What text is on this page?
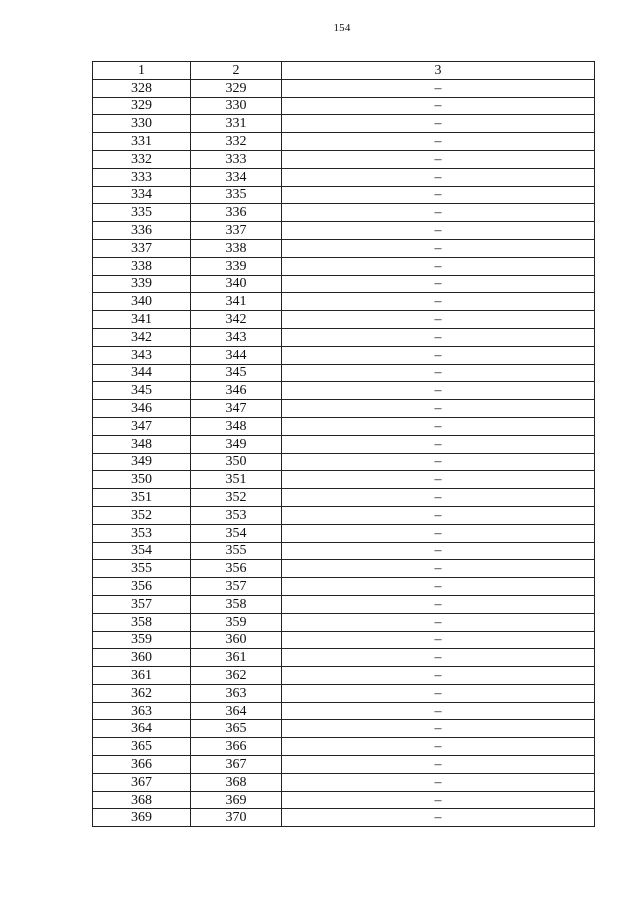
154
1	2	3
328	329	–
329	330	–
330	331	–
331	332	–
332	333	–
333	334	–
334	335	–
335	336	–
336	337	–
337	338	–
338	339	–
339	340	–
340	341	–
341	342	–
342	343	–
343	344	–
344	345	–
345	346	–
346	347	–
347	348	–
348	349	–
349	350	–
350	351	–
351	352	–
352	353	–
353	354	–
354	355	–
355	356	–
356	357	–
357	358	–
358	359	–
359	360	–
360	361	–
361	362	–
362	363	–
363	364	–
364	365	–
365	366	–
366	367	–
367	368	–
368	369	–
369	370	–
